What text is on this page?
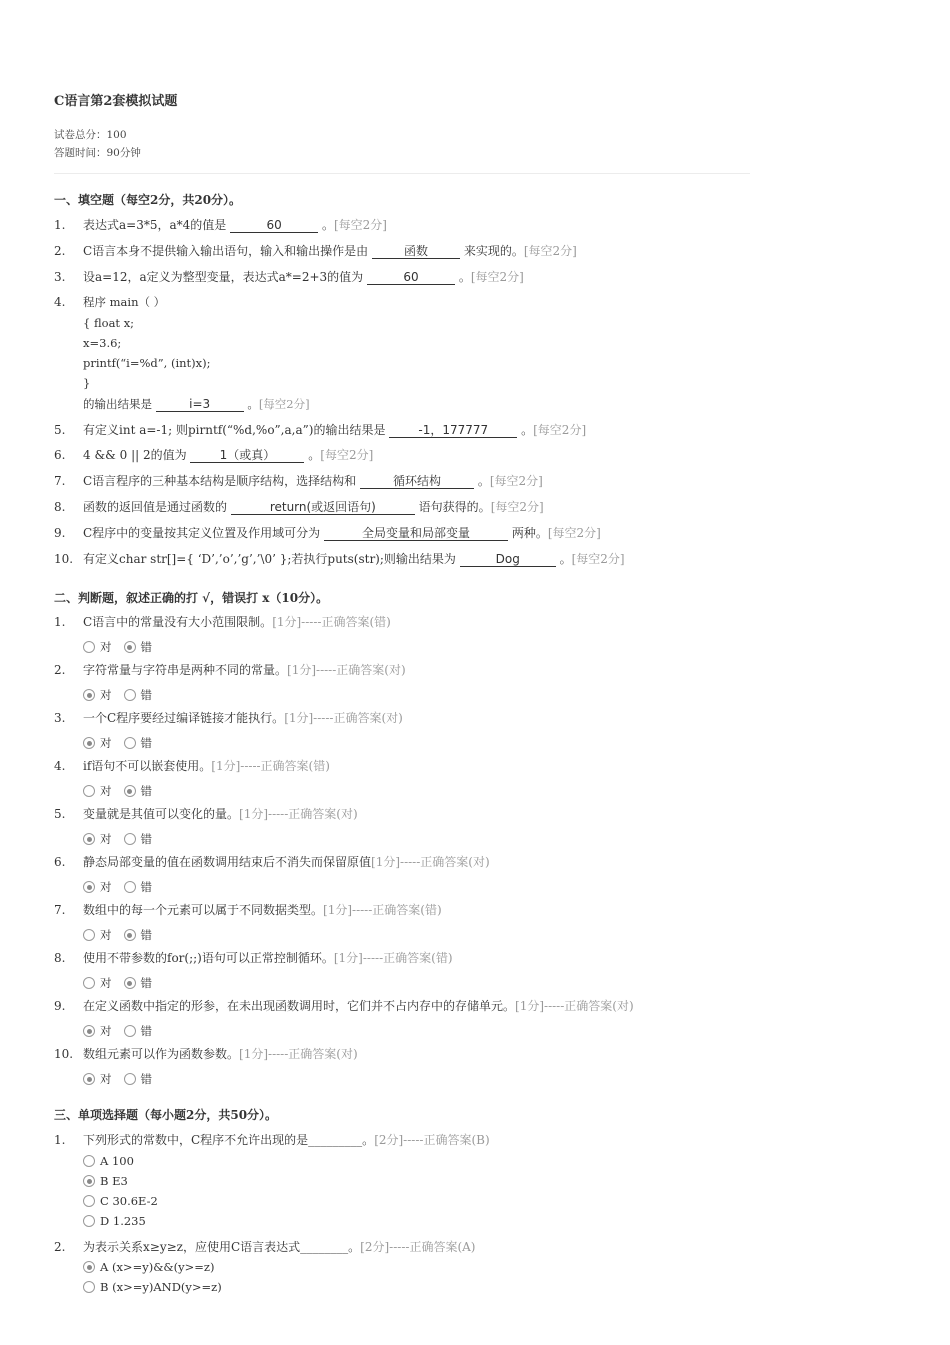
C语言第2套模拟试题
试卷总分：100
答题时间：90分钟
一、填空题（每空2分，共20分）。
1. 表达式a=3*5，a*4的值是	60	。[每空2分]
2. C语言本身不提供输入输出语句，输入和输出操作是由	函数	来实现的。[每空2分]
3. 设a=12，a定义为整型变量，表达式a*=2+3的值为	60	。[每空2分]
4. 程序 main（ ）
{ float x;
x=3.6;
printf(“i=%d”, (int)x);
}
的输出结果是	i=3	。[每空2分]
5. 有定义int a=-1; 则pirntf(“%d,%o”,a,a”)的输出结果是	-1，177777	。[每空2分]
6. 4 && 0 || 2的值为	1（或真）	。[每空2分]
7. C语言程序的三种基本结构是顺序结构，选择结构和	循环结构	。[每空2分]
8. 函数的返回值是通过函数的	return(或返回语句)	语句获得的。[每空2分]
9. C程序中的变量按其定义位置及作用域可分为	全局变量和局部变量	两种。[每空2分]
10. 有定义char str[]={ ‘D’,’o’,’g’,’\0’ };若执行puts(str);则输出结果为	Dog	。[每空2分]
二、判断题，叙述正确的打 √，错误打 x（10分）。
1. C语言中的常量没有大小范围限制。[1分]-----正确答案(错)
对	错
2. 字符常量与字符串是两种不同的常量。[1分]-----正确答案(对)
对	错
3. 一个C程序要经过编译链接才能执行。[1分]-----正确答案(对)
对	错
4. if语句不可以嵌套使用。[1分]-----正确答案(错)
对	错
5. 变量就是其值可以变化的量。[1分]-----正确答案(对)
对	错
6. 静态局部变量的值在函数调用结束后不消失而保留原值[1分]-----正确答案(对)
对	错
7. 数组中的每一个元素可以属于不同数据类型。[1分]-----正确答案(错)
对	错
8. 使用不带参数的for(;;)语句可以正常控制循环。[1分]-----正确答案(错)
对	错
9. 在定义函数中指定的形参，在未出现函数调用时，它们并不占内存中的存储单元。[1分]-----正确答案(对)
对	错
10. 数组元素可以作为函数参数。[1分]-----正确答案(对)
对	错
三、单项选择题（每小题2分，共50分）。
1. 下列形式的常数中，C程序不允许出现的是_________。[2分]-----正确答案(B)
A 100
B E3
C 30.6E-2
D 1.235
2. 为表示关系x≥y≥z，应使用C语言表达式________。[2分]-----正确答案(A)
A (x>=y)&&(y>=z)
B (x>=y)AND(y>=z)
